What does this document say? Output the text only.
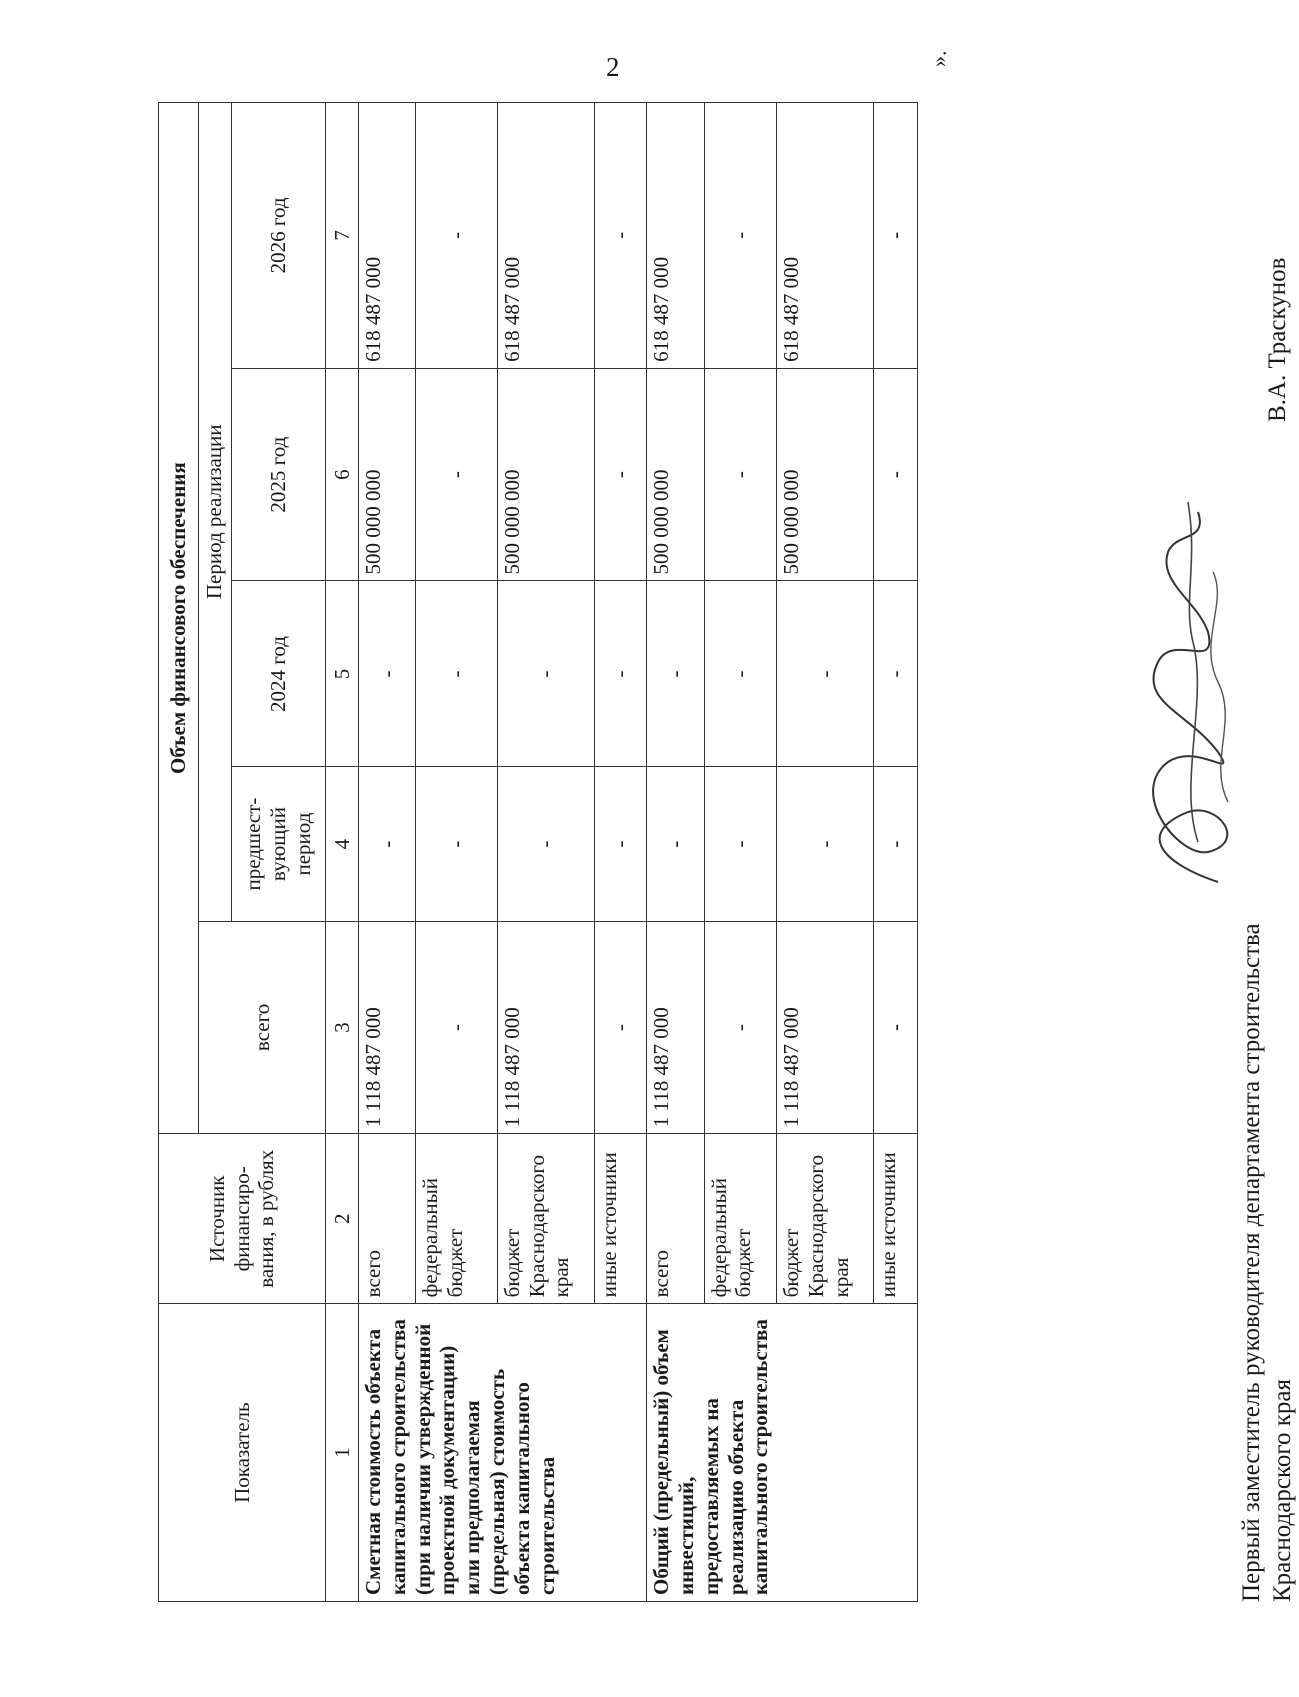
2
Показатель	Источник финансиро-вания, в рублях	Объем финансового обеспечения				
		всего	Период реализации			
			предшест-вующий период	2024 год	2025 год	2026 год
1	2	3	4	5	6	7
Сметная стоимость объекта капитального строительства (при наличии утвержденной проектной документации) или предполагаемая (предельная) стоимость объекта капитального строительства	всего	1 118 487 000	-	-	500 000 000	618 487 000
	федеральный бюджет	-	-	-	-	-
	бюджет Краснодарского края	1 118 487 000	-	-	500 000 000	618 487 000
	иные источники	-	-	-	-	-
Общий (предельный) объем инвестиций, предоставляемых на реализацию объекта капитального строительства	всего	1 118 487 000	-	-	500 000 000	618 487 000
	федеральный бюджет	-	-	-	-	-
	бюджет Краснодарского края	1 118 487 000	-	-	500 000 000	618 487 000
	иные источники	-	-	-	-	-
».
Первый заместитель руководителя департамента строительства Краснодарского края
В.А. Траскунов
